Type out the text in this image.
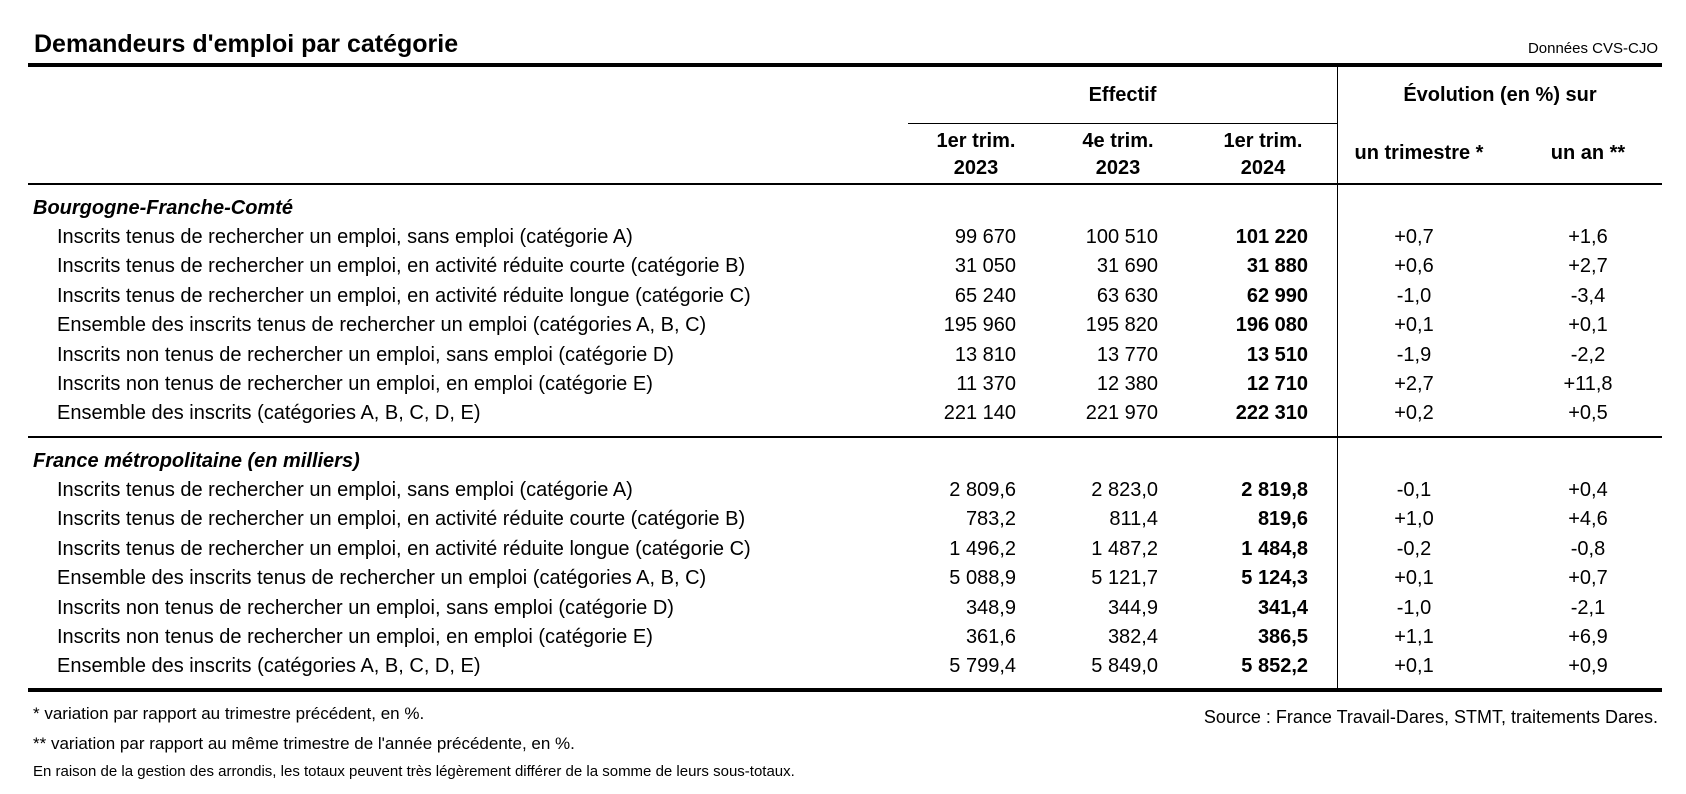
Demandeurs d'emploi par catégorie	Données CVS-CJO
Effectif	Évolution (en %) sur
1er trim.
2023
4e trim.
2023
1er trim.
2024
un trimestre *	un an **
Bourgogne-Franche-Comté
Inscrits tenus de rechercher un emploi, sans emploi (catégorie A)	99 670	100 510	101 220	+0,7	+1,6
Inscrits tenus de rechercher un emploi, en activité réduite courte (catégorie B)	31 050	31 690	31 880	+0,6	+2,7
Inscrits tenus de rechercher un emploi, en activité réduite longue (catégorie C)	65 240	63 630	62 990	-1,0	-3,4
Ensemble des inscrits tenus de rechercher un emploi (catégories A, B, C)	195 960	195 820	196 080	+0,1	+0,1
Inscrits non tenus de rechercher un emploi, sans emploi (catégorie D)	13 810	13 770	13 510	-1,9	-2,2
Inscrits non tenus de rechercher un emploi, en emploi (catégorie E)	11 370	12 380	12 710	+2,7	+11,8
Ensemble des inscrits (catégories A, B, C, D, E)	221 140	221 970	222 310	+0,2	+0,5
France métropolitaine (en milliers)
Inscrits tenus de rechercher un emploi, sans emploi (catégorie A)	2 809,6	2 823,0	2 819,8	-0,1	+0,4
Inscrits tenus de rechercher un emploi, en activité réduite courte (catégorie B)	783,2	811,4	819,6	+1,0	+4,6
Inscrits tenus de rechercher un emploi, en activité réduite longue (catégorie C)	1 496,2	1 487,2	1 484,8	-0,2	-0,8
Ensemble des inscrits tenus de rechercher un emploi (catégories A, B, C)	5 088,9	5 121,7	5 124,3	+0,1	+0,7
Inscrits non tenus de rechercher un emploi, sans emploi (catégorie D)	348,9	344,9	341,4	-1,0	-2,1
Inscrits non tenus de rechercher un emploi, en emploi (catégorie E)	361,6	382,4	386,5	+1,1	+6,9
Ensemble des inscrits (catégories A, B, C, D, E)	5 799,4	5 849,0	5 852,2	+0,1	+0,9
* variation par rapport au trimestre précédent, en %.
** variation par rapport au même trimestre de l'année précédente, en %.
En raison de la gestion des arrondis, les totaux peuvent très légèrement différer de la somme de leurs sous-totaux.
Source : France Travail-Dares, STMT, traitements Dares.
